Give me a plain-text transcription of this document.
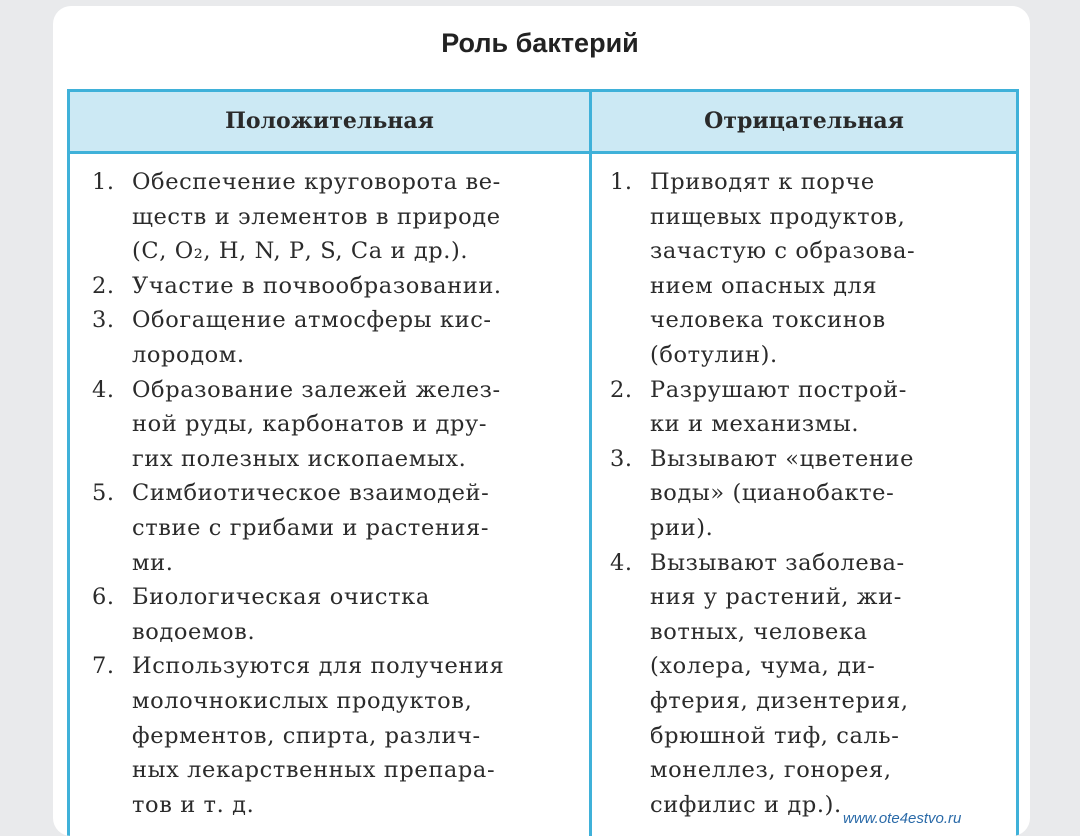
Роль бактерий
Положительная	Отрицательная
1. Обеспечение круговорота ве-
ществ и элементов в природе
(С, О₂, Н, N, Р, S, Са и др.).
2. Участие в почвообразовании.
3. Обогащение атмосферы кис-
лородом.
4. Образование залежей желез-
ной руды, карбонатов и дру-
гих полезных ископаемых.
5. Симбиотическое взаимодей-
ствие с грибами и растения-
ми.
6. Биологическая очистка
водоемов.
7. Используются для получения
молочнокислых продуктов,
ферментов, спирта, различ-
ных лекарственных препара-
тов и т. д.
1. Приводят к порче
пищевых продуктов,
зачастую с образова-
нием опасных для
человека токсинов
(ботулин).
2. Разрушают построй-
ки и механизмы.
3. Вызывают «цветение
воды» (цианобакте-
рии).
4. Вызывают заболева-
ния у растений, жи-
вотных, человека
(холера, чума, ди-
фтерия, дизентерия,
брюшной тиф, саль-
монеллез, гонорея,
сифилис и др.).
www.ote4estvo.ru
